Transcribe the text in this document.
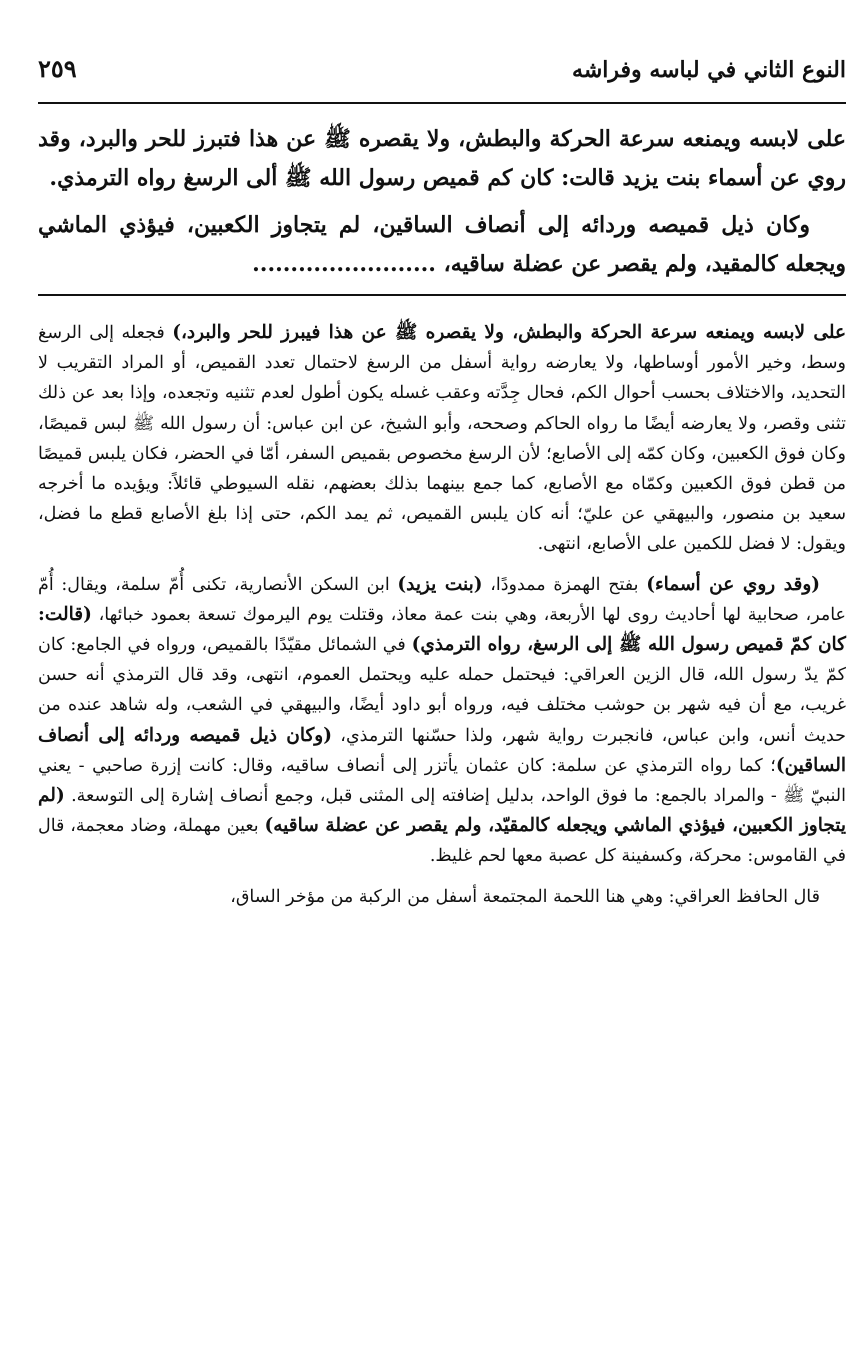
النوع الثاني في لباسه وفراشه
٢٥٩

على لابسه ويمنعه سرعة الحركة والبطش، ولا يقصره ﷺ عن هذا فتبرز للحر والبرد، وقد روي عن أسماء بنت يزيد قالت: كان كم قميص رسول الله ﷺ ألى الرسغ رواه الترمذي.

وكان ذيل قميصه وردائه إلى أنصاف الساقين، لم يتجاوز الكعبين، فيؤذي الماشي ويجعله كالمقيد، ولم يقصر عن عضلة ساقيه، ........................

على لابسه ويمنعه سرعة الحركة والبطش، ولا يقصره ﷺ عن هذا فيبرز للحر والبرد،) فجعله إلى الرسغ وسط، وخير الأمور أوساطها، ولا يعارضه رواية أسفل من الرسغ لاحتمال تعدد القميص، أو المراد التقريب لا التحديد، والاختلاف بحسب أحوال الكم، فحال جِدَّته وعقب غسله يكون أطول لعدم تثنيه وتجعده، وإذا بعد عن ذلك تثنى وقصر، ولا يعارضه أيضًا ما رواه الحاكم وصححه، وأبو الشيخ، عن ابن عباس: أن رسول الله ﷺ لبس قميصًا، وكان فوق الكعبين، وكان كمّه إلى الأصابع؛ لأن الرسغ مخصوص بقميص السفر، أمّا في الحضر، فكان يلبس قميصًا من قطن فوق الكعبين وكمّاه مع الأصابع، كما جمع بينهما بذلك بعضهم، نقله السيوطي قائلاً: ويؤيده ما أخرجه سعيد بن منصور، والبيهقي عن عليّ؛ أنه كان يلبس القميص، ثم يمد الكم، حتى إذا بلغ الأصابع قطع ما فضل، ويقول: لا فضل للكمين على الأصابع، انتهى.

(وقد روي عن أسماء) بفتح الهمزة ممدودًا، (بنت يزيد) ابن السكن الأنصارية، تكنى أُمّ سلمة، ويقال: أُمّ عامر، صحابية لها أحاديث روى لها الأربعة، وهي بنت عمة معاذ، وقتلت يوم اليرموك تسعة بعمود خبائها، (قالت: كان كمّ قميص رسول الله ﷺ إلى الرسغ، رواه الترمذي) في الشمائل مقيّدًا بالقميص، ورواه في الجامع: كان كمّ يدّ رسول الله، قال الزين العراقي: فيحتمل حمله عليه ويحتمل العموم، انتهى، وقد قال الترمذي أنه حسن غريب، مع أن فيه شهر بن حوشب مختلف فيه، ورواه أبو داود أيضًا، والبيهقي في الشعب، وله شاهد عنده من حديث أنس، وابن عباس، فانجبرت رواية شهر، ولذا حسّنها الترمذي، (وكان ذيل قميصه وردائه إلى أنصاف الساقين)؛ كما رواه الترمذي عن سلمة: كان عثمان يأتزر إلى أنصاف ساقيه، وقال: كانت إزرة صاحبي - يعني النبيّ ﷺ - والمراد بالجمع: ما فوق الواحد، بدليل إضافته إلى المثنى قبل، وجمع أنصاف إشارة إلى التوسعة. (لم يتجاوز الكعبين، فيؤذي الماشي ويجعله كالمقيّد، ولم يقصر عن عضلة ساقيه) بعين مهملة، وضاد معجمة، قال في القاموس: محركة، وكسفينة كل عصبة معها لحم غليظ.

قال الحافظ العراقي: وهي هنا اللحمة المجتمعة أسفل من الركبة من مؤخر الساق،
